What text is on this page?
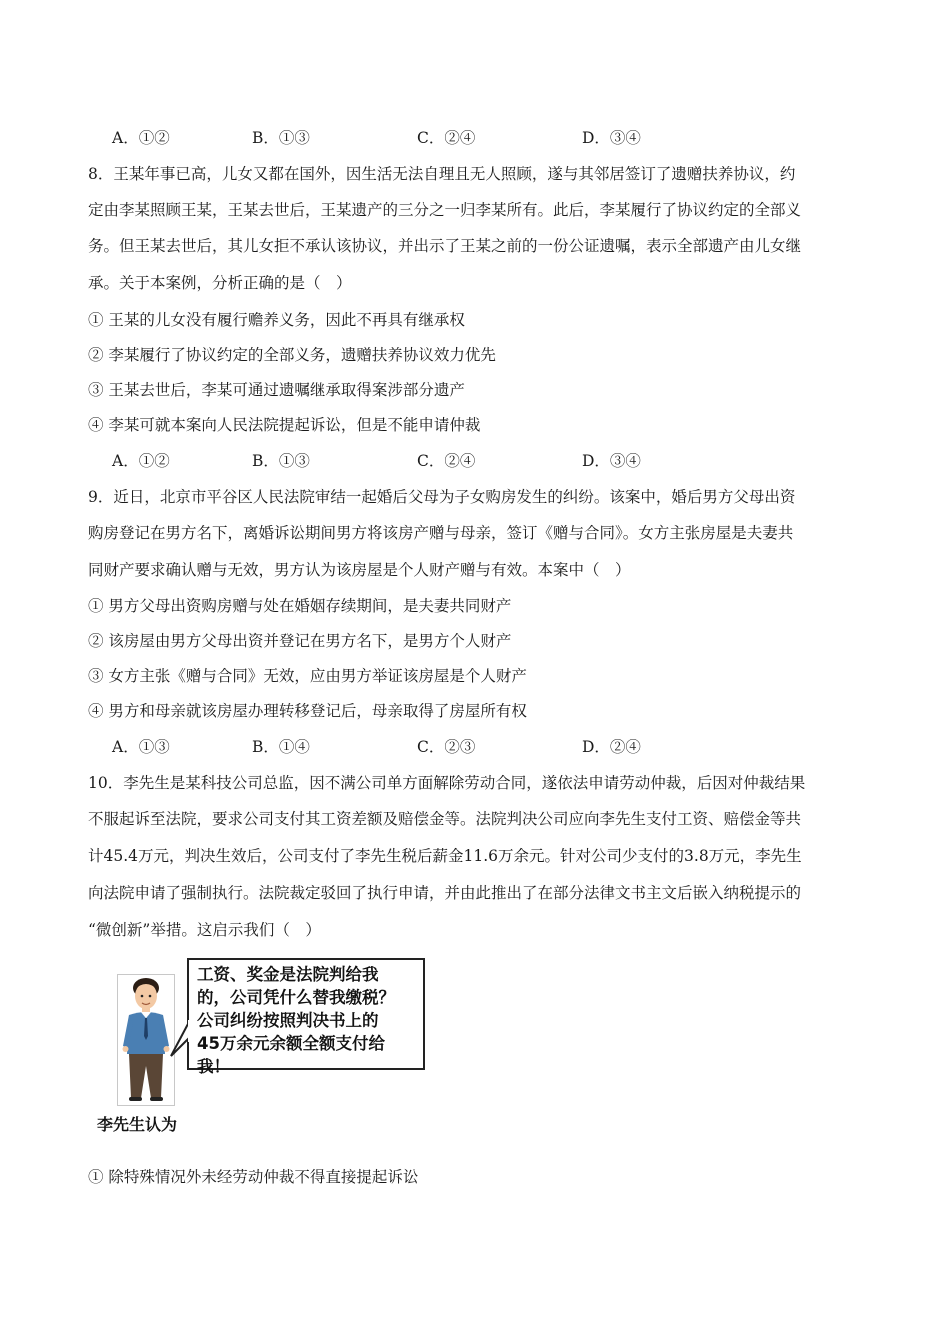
A．①②	B．①③	C．②④	D．③④
8．王某年事已高，儿女又都在国外，因生活无法自理且无人照顾，遂与其邻居签订了遗赠扶养协议，约
定由李某照顾王某，王某去世后，王某遗产的三分之一归李某所有。此后，李某履行了协议约定的全部义
务。但王某去世后，其儿女拒不承认该协议，并出示了王某之前的一份公证遗嘱，表示全部遗产由儿女继
承。关于本案例，分析正确的是（　）
① 王某的儿女没有履行赡养义务，因此不再具有继承权
② 李某履行了协议约定的全部义务，遗赠扶养协议效力优先
③ 王某去世后，李某可通过遗嘱继承取得案涉部分遗产
④ 李某可就本案向人民法院提起诉讼，但是不能申请仲裁
A．①②	B．①③	C．②④	D．③④
9．近日，北京市平谷区人民法院审结一起婚后父母为子女购房发生的纠纷。该案中，婚后男方父母出资
购房登记在男方名下，离婚诉讼期间男方将该房产赠与母亲，签订《赠与合同》。女方主张房屋是夫妻共
同财产要求确认赠与无效，男方认为该房屋是个人财产赠与有效。本案中（　）
① 男方父母出资购房赠与处在婚姻存续期间，是夫妻共同财产
② 该房屋由男方父母出资并登记在男方名下，是男方个人财产
③ 女方主张《赠与合同》无效，应由男方举证该房屋是个人财产
④ 男方和母亲就该房屋办理转移登记后，母亲取得了房屋所有权
A．①③	B．①④	C．②③	D．②④
10．李先生是某科技公司总监，因不满公司单方面解除劳动合同，遂依法申请劳动仲裁，后因对仲裁结果
不服起诉至法院，要求公司支付其工资差额及赔偿金等。法院判决公司应向李先生支付工资、赔偿金等共
计45.4万元，判决生效后，公司支付了李先生税后薪金11.6万余元。针对公司少支付的3.8万元，李先生
向法院申请了强制执行。法院裁定驳回了执行申请，并由此推出了在部分法律文书主文后嵌入纳税提示的
“微创新”举措。这启示我们（　）
工资、奖金是法院判给我
的，公司凭什么替我缴税？
公司纠纷按照判决书上的
45万余元余额全额支付给
我！
李先生认为
① 除特殊情况外未经劳动仲裁不得直接提起诉讼
